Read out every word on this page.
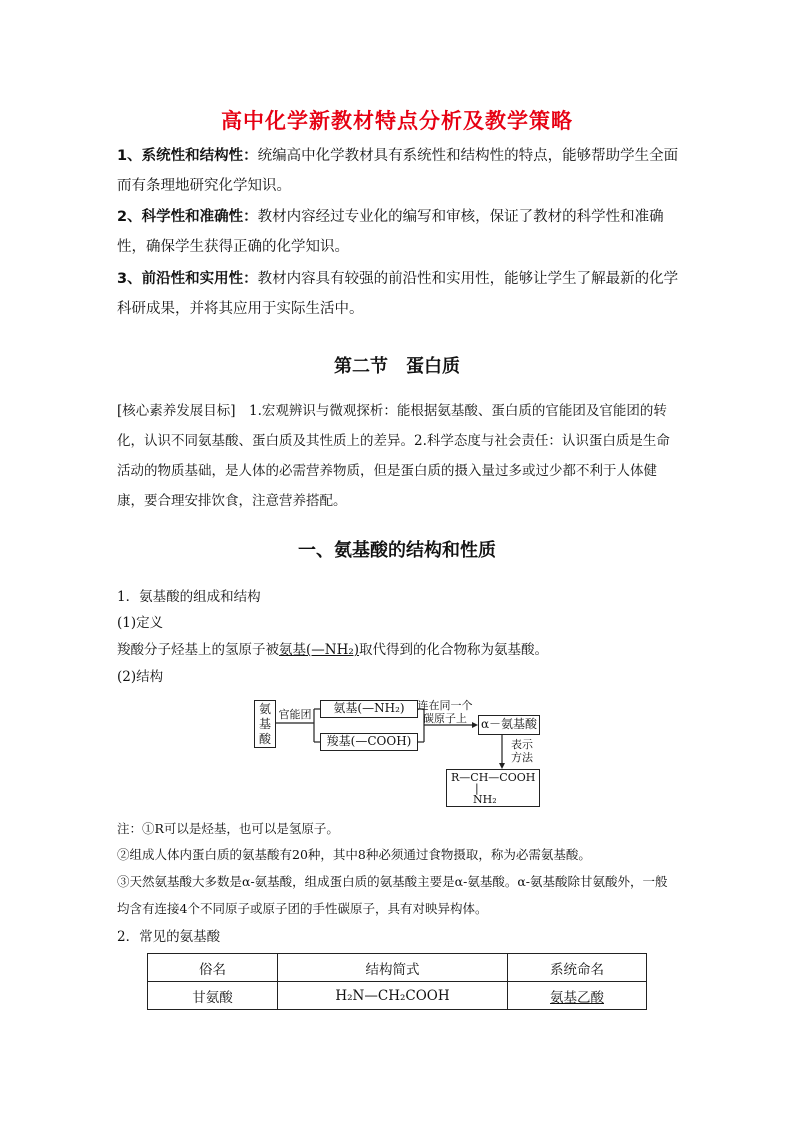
高中化学新教材特点分析及教学策略
1、系统性和结构性：统编高中化学教材具有系统性和结构性的特点，能够帮助学生全面而有条理地研究化学知识。
2、科学性和准确性：教材内容经过专业化的编写和审核，保证了教材的科学性和准确性，确保学生获得正确的化学知识。
3、前沿性和实用性：教材内容具有较强的前沿性和实用性，能够让学生了解最新的化学科研成果，并将其应用于实际生活中。
第二节　蛋白质
[核心素养发展目标]　1.宏观辨识与微观探析：能根据氨基酸、蛋白质的官能团及官能团的转化，认识不同氨基酸、蛋白质及其性质上的差异。2.科学态度与社会责任：认识蛋白质是生命活动的物质基础，是人体的必需营养物质，但是蛋白质的摄入量过多或过少都不利于人体健康，要合理安排饮食，注意营养搭配。
一、氨基酸的结构和性质
1．氨基酸的组成和结构
(1)定义
羧酸分子烃基上的氢原子被氨基(—NH₂)取代得到的化合物称为氨基酸。
(2)结构
氨基酸
官能团	氨基(—NH₂)
羧基(—COOH)
连在同一个碳原子上	α－氨基酸
表示方法
R—CH—COOH
|
NH₂
注：①R可以是烃基，也可以是氢原子。
②组成人体内蛋白质的氨基酸有20种，其中8种必须通过食物摄取，称为必需氨基酸。
③天然氨基酸大多数是α-氨基酸，组成蛋白质的氨基酸主要是α-氨基酸。α-氨基酸除甘氨酸外，一般均含有连接4个不同原子或原子团的手性碳原子，具有对映异构体。
2．常见的氨基酸
俗名	结构简式	系统命名
甘氨酸	H₂N—CH₂COOH	氨基乙酸
